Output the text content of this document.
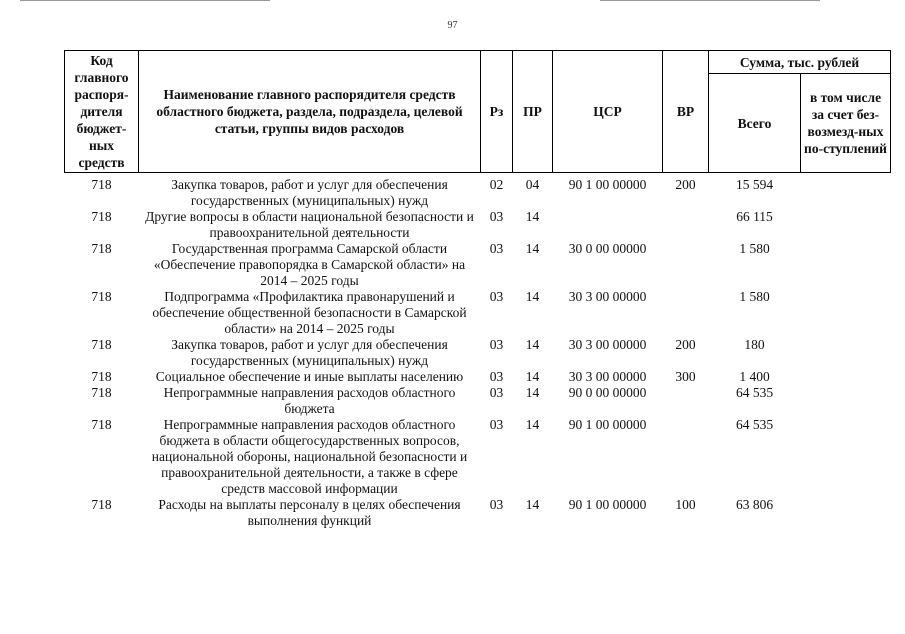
97
Код главного распоря-дителя бюджет-ных средств	Наименование главного распорядителя средств областного бюджета, раздела, подраздела, целевой статьи, группы видов расходов	Рз	ПР	ЦСР	ВР	Сумма, тыс. рублей	
						Всего	в том числе за счет без-возмезд-ных по-ступлений
718	Закупка товаров, работ и услуг для обеспечения государственных (муниципальных) нужд	02	04	90 1 00 00000	200	15 594	
718	Другие вопросы в области национальной безопасности и правоохранительной деятельности	03	14			66 115	
718	Государственная программа Самарской области «Обеспечение правопорядка в Самарской области» на 2014 – 2025 годы	03	14	30 0 00 00000		1 580	
718	Подпрограмма «Профилактика правонарушений и обеспечение общественной безопасности в Самарской области» на 2014 – 2025 годы	03	14	30 3 00 00000		1 580	
718	Закупка товаров, работ и услуг для обеспечения государственных (муниципальных) нужд	03	14	30 3 00 00000	200	180	
718	Социальное обеспечение и иные выплаты населению	03	14	30 3 00 00000	300	1 400	
718	Непрограммные направления расходов областного бюджета	03	14	90 0 00 00000		64 535	
718	Непрограммные направления расходов областного бюджета в области общегосударственных вопросов, национальной обороны, национальной безопасности и правоохранительной деятельности, а также в сфере средств массовой информации	03	14	90 1 00 00000		64 535	
718	Расходы на выплаты персоналу в целях обеспечения выполнения функций	03	14	90 1 00 00000	100	63 806	
